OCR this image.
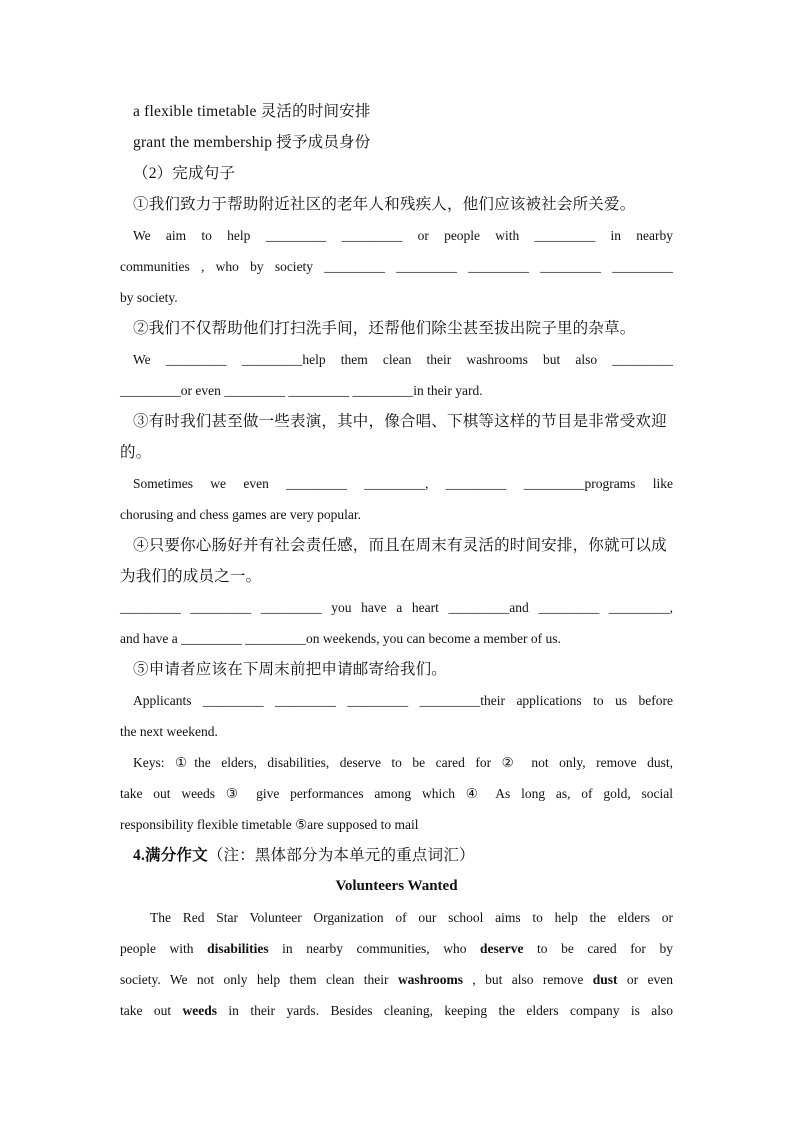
a flexible timetable 灵活的时间安排
grant the membership 授予成员身份
（2）完成句子
①我们致力于帮助附近社区的老年人和残疾人，他们应该被社会所关爱。
We aim to help _________ _________ or people with _________ in nearby
communities , who by society _________ _________ _________ _________ _________
by society.
②我们不仅帮助他们打扫洗手间，还帮他们除尘甚至拔出院子里的杂草。
We _________ _________help them clean their washrooms but also _________
_________or even _________ _________ _________in their yard.
③有时我们甚至做一些表演，其中，像合唱、下棋等这样的节目是非常受欢迎
的。
Sometimes we even _________ _________, _________ _________programs like
chorusing and chess games are very popular.
④只要你心肠好并有社会责任感，而且在周末有灵活的时间安排，你就可以成
为我们的成员之一。
_________ _________ _________ you have a heart _________and _________ _________,
and have a _________ _________on weekends, you can become a member of us.
⑤申请者应该在下周末前把申请邮寄给我们。
Applicants _________ _________ _________ _________their applications to us before
the next weekend.
Keys: ①the elders, disabilities, deserve to be cared for ② not only, remove dust,
take out weeds ③ give performances among which ④ As long as, of gold, social
responsibility flexible timetable ⑤are supposed to mail
4.满分作文（注：黑体部分为本单元的重点词汇）
Volunteers Wanted
The Red Star Volunteer Organization of our school aims to help the elders or
people with disabilities in nearby communities, who deserve to be cared for by
society. We not only help them clean their washrooms , but also remove dust or even
take out weeds in their yards. Besides cleaning, keeping the elders company is also
